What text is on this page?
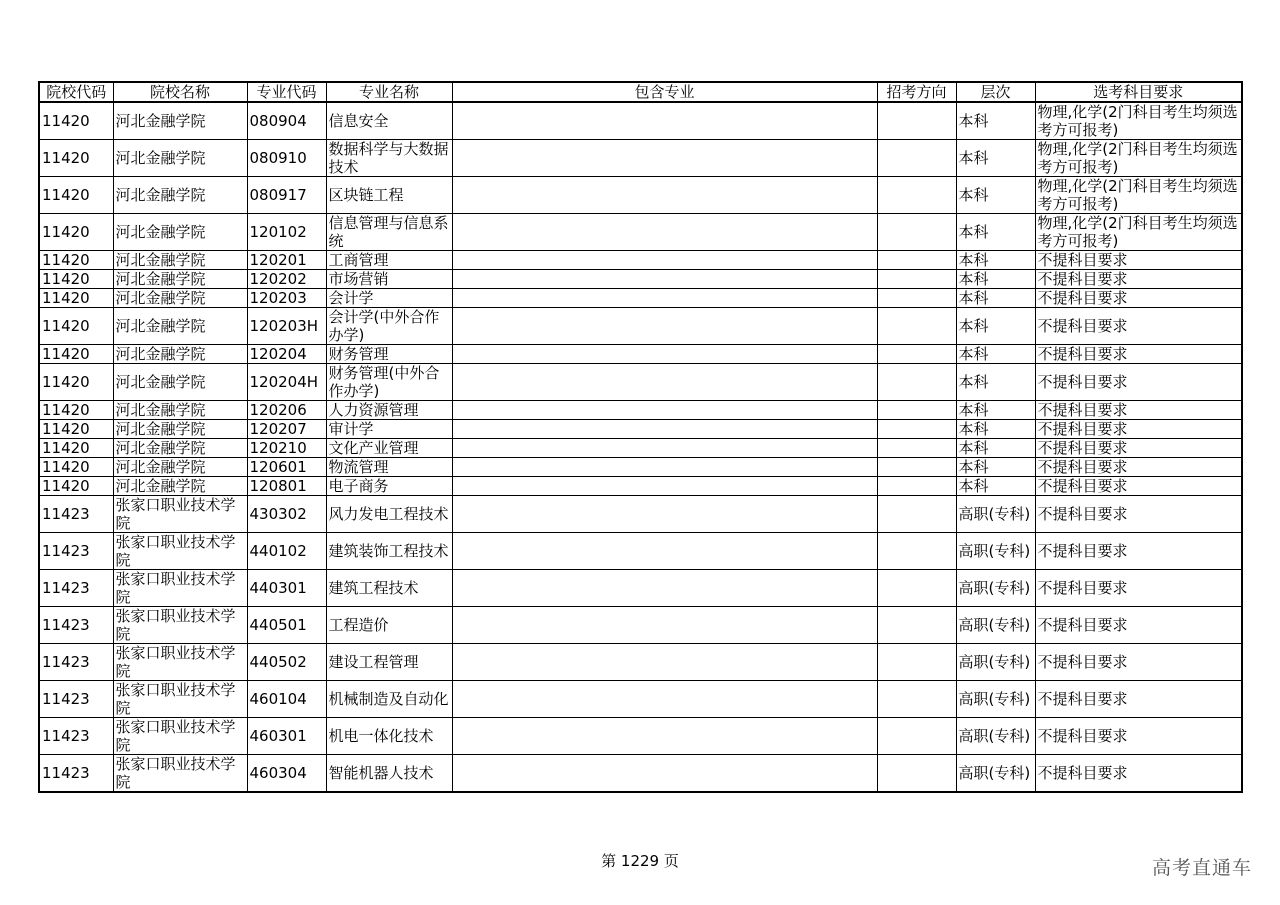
院校代码	院校名称	专业代码	专业名称	包含专业	招考方向	层次	选考科目要求
11420	河北金融学院	080904	信息安全			本科	物理,化学(2门科目考生均须选考方可报考)
11420	河北金融学院	080910	数据科学与大数据技术			本科	物理,化学(2门科目考生均须选考方可报考)
11420	河北金融学院	080917	区块链工程			本科	物理,化学(2门科目考生均须选考方可报考)
11420	河北金融学院	120102	信息管理与信息系统			本科	物理,化学(2门科目考生均须选考方可报考)
11420	河北金融学院	120201	工商管理			本科	不提科目要求
11420	河北金融学院	120202	市场营销			本科	不提科目要求
11420	河北金融学院	120203	会计学			本科	不提科目要求
11420	河北金融学院	120203H	会计学(中外合作办学)			本科	不提科目要求
11420	河北金融学院	120204	财务管理			本科	不提科目要求
11420	河北金融学院	120204H	财务管理(中外合作办学)			本科	不提科目要求
11420	河北金融学院	120206	人力资源管理			本科	不提科目要求
11420	河北金融学院	120207	审计学			本科	不提科目要求
11420	河北金融学院	120210	文化产业管理			本科	不提科目要求
11420	河北金融学院	120601	物流管理			本科	不提科目要求
11420	河北金融学院	120801	电子商务			本科	不提科目要求
11423	张家口职业技术学院	430302	风力发电工程技术			高职(专科)	不提科目要求
11423	张家口职业技术学院	440102	建筑装饰工程技术			高职(专科)	不提科目要求
11423	张家口职业技术学院	440301	建筑工程技术			高职(专科)	不提科目要求
11423	张家口职业技术学院	440501	工程造价			高职(专科)	不提科目要求
11423	张家口职业技术学院	440502	建设工程管理			高职(专科)	不提科目要求
11423	张家口职业技术学院	460104	机械制造及自动化			高职(专科)	不提科目要求
11423	张家口职业技术学院	460301	机电一体化技术			高职(专科)	不提科目要求
11423	张家口职业技术学院	460304	智能机器人技术			高职(专科)	不提科目要求
第 1229 页	高考直通车
